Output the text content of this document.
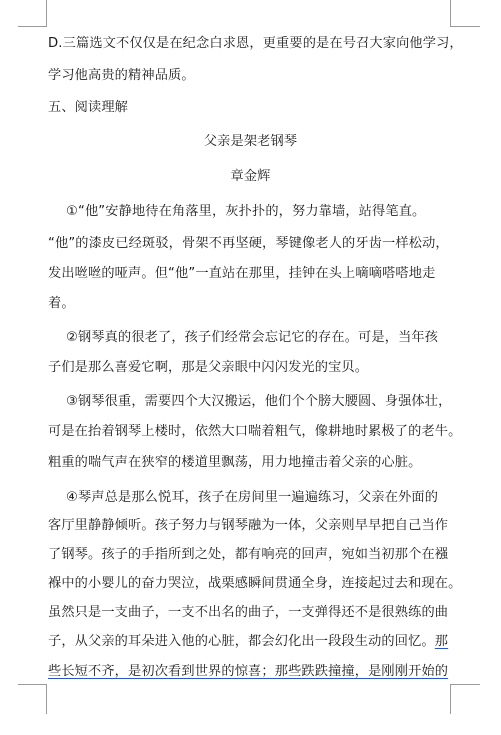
D.三篇选文不仅仅是在纪念白求恩，更重要的是在号召大家向他学习，
学习他高贵的精神品质。
五、阅读理解
父亲是架老钢琴
章金辉
①“他”安静地待在角落里，灰扑扑的，努力靠墙，站得笔直。
“他”的漆皮已经斑驳，骨架不再坚硬，琴键像老人的牙齿一样松动，
发出咝咝的哑声。但“他”一直站在那里，挂钟在头上嘀嘀嗒嗒地走
着。
②钢琴真的很老了，孩子们经常会忘记它的存在。可是，当年孩
子们是那么喜爱它啊，那是父亲眼中闪闪发光的宝贝。
③钢琴很重，需要四个大汉搬运，他们个个膀大腰圆、身强体壮，
可是在抬着钢琴上楼时，依然大口喘着粗气，像耕地时累极了的老牛。
粗重的喘气声在狭窄的楼道里飘荡，用力地撞击着父亲的心脏。
④琴声总是那么悦耳，孩子在房间里一遍遍练习，父亲在外面的
客厅里静静倾听。孩子努力与钢琴融为一体，父亲则早早把自己当作
了钢琴。孩子的手指所到之处，都有响亮的回声，宛如当初那个在襁
褓中的小婴儿的奋力哭泣，战栗感瞬间贯通全身，连接起过去和现在。
虽然只是一支曲子，一支不出名的曲子，一支弹得还不是很熟练的曲
子，从父亲的耳朵进入他的心脏，都会幻化出一段段生动的回忆。那
些长短不齐，是初次看到世界的惊喜；那些跌跌撞撞，是刚刚开始的
